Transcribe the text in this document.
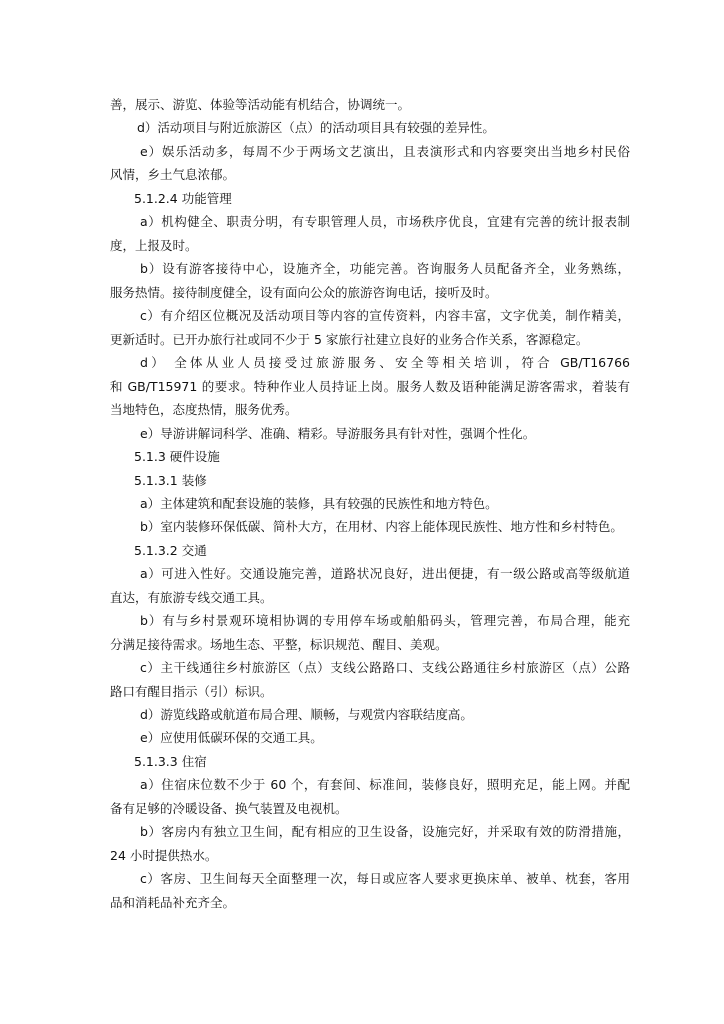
善，展示、游览、体验等活动能有机结合，协调统一。
d）活动项目与附近旅游区（点）的活动项目具有较强的差异性。
e）娱乐活动多，每周不少于两场文艺演出，且表演形式和内容要突出当地乡村民俗
风情，乡土气息浓郁。
5.1.2.4 功能管理
a）机构健全、职责分明，有专职管理人员，市场秩序优良，宜建有完善的统计报表制
度，上报及时。
b）设有游客接待中心，设施齐全，功能完善。咨询服务人员配备齐全，业务熟练，
服务热情。接待制度健全，设有面向公众的旅游咨询电话，接听及时。
c）有介绍区位概况及活动项目等内容的宣传资料，内容丰富，文字优美，制作精美，
更新适时。已开办旅行社或同不少于 5 家旅行社建立良好的业务合作关系，客源稳定。
d） 全体从业人员接受过旅游服务、安全等相关培训，符合 GB/T16766
和 GB/T15971 的要求。特种作业人员持证上岗。服务人数及语种能满足游客需求，着装有
当地特色，态度热情，服务优秀。
e）导游讲解词科学、准确、精彩。导游服务具有针对性，强调个性化。
5.1.3 硬件设施
5.1.3.1 装修
a）主体建筑和配套设施的装修，具有较强的民族性和地方特色。
b）室内装修环保低碳、简朴大方，在用材、内容上能体现民族性、地方性和乡村特色。
5.1.3.2 交通
a）可进入性好。交通设施完善，道路状况良好，进出便捷，有一级公路或高等级航道
直达，有旅游专线交通工具。
b）有与乡村景观环境相协调的专用停车场或舶船码头，管理完善，布局合理，能充
分满足接待需求。场地生态、平整，标识规范、醒目、美观。
c）主干线通往乡村旅游区（点）支线公路路口、支线公路通往乡村旅游区（点）公路
路口有醒目指示（引）标识。
d）游览线路或航道布局合理、顺畅，与观赏内容联结度高。
e）应使用低碳环保的交通工具。
5.1.3.3 住宿
a）住宿床位数不少于 60 个，有套间、标准间，装修良好，照明充足，能上网。并配
备有足够的冷暖设备、换气装置及电视机。
b）客房内有独立卫生间，配有相应的卫生设备，设施完好，并采取有效的防滑措施，
24 小时提供热水。
c）客房、卫生间每天全面整理一次，每日或应客人要求更换床单、被单、枕套，客用
品和消耗品补充齐全。
